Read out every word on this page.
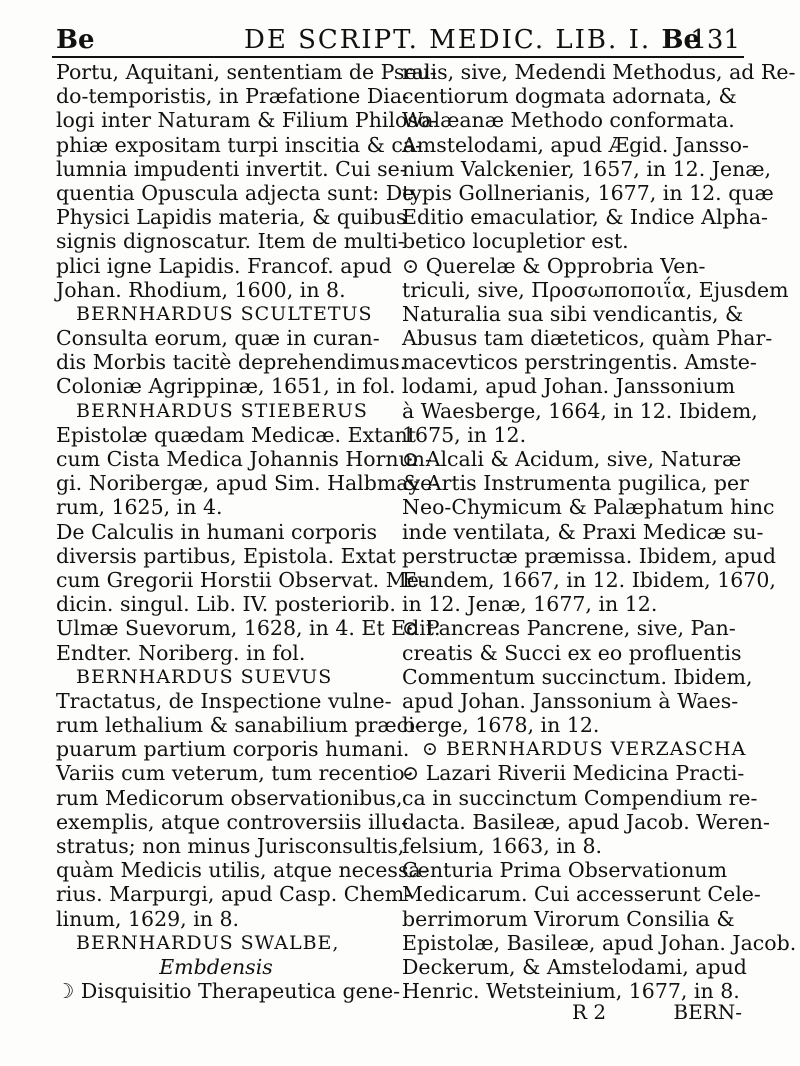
Be	DE SCRIPT. MEDIC. LIB. I. Be
131
Portu, Aquitani, sententiam de Pseu-
do-temporistis, in Præfatione Dia-
logi inter Naturam & Filium Philoso-
phiæ expositam turpi inscitia & ca-
lumnia impudenti invertit. Cui se-
quentia Opuscula adjecta sunt: De
Physici Lapidis materia, & quibus
signis dignoscatur. Item de multi-
plici igne Lapidis. Francof. apud
Johan. Rhodium, 1600, in 8.
BERNHARDUS SCULTETUS
Consulta eorum, quæ in curan-
dis Morbis tacitè deprehendimus.
Coloniæ Agrippinæ, 1651, in fol.
BERNHARDUS STIEBERUS
Epistolæ quædam Medicæ. Extant
cum Cista Medica Johannis Hornun-
gi. Noribergæ, apud Sim. Halbmaye-
rum, 1625, in 4.
De Calculis in humani corporis
diversis partibus, Epistola. Extat
cum Gregorii Horstii Observat. Me-
dicin. singul. Lib. IV. posteriorib.
Ulmæ Suevorum, 1628, in 4. Et Edit.
Endter. Noriberg. in fol.
BERNHARDUS SUEVUS
Tractatus, de Inspectione vulne-
rum lethalium & sanabilium præci-
puarum partium corporis humani.
Variis cum veterum, tum recentio-
rum Medicorum observationibus,
exemplis, atque controversiis illu-
stratus; non minus Jurisconsultis,
quàm Medicis utilis, atque necessa-
rius. Marpurgi, apud Casp. Chem-
linum, 1629, in 8.
BERNHARDUS SWALBE,
Embdensis
☽ Disquisitio Therapeutica gene-
ralis, sive, Medendi Methodus, ad Re-
centiorum dogmata adornata, &
Walæanæ Methodo conformata.
Amstelodami, apud Ægid. Jansso-
nium Valckenier, 1657, in 12. Jenæ,
typis Gollnerianis, 1677, in 12. quæ
Editio emaculatior, & Indice Alpha-
betico locupletior est.
⊙ Querelæ & Opprobria Ven-
triculi, sive, Προσωποποιΐα, Ejusdem
Naturalia sua sibi vendicantis, &
Abusus tam diæteticos, quàm Phar-
macevticos perstringentis. Amste-
lodami, apud Johan. Janssonium
à Waesberge, 1664, in 12. Ibidem,
1675, in 12.
⊙ Alcali & Acidum, sive, Naturæ
& Artis Instrumenta pugilica, per
Neo-Chymicum & Palæphatum hinc
inde ventilata, & Praxi Medicæ su-
perstructæ præmissa. Ibidem, apud
Eundem, 1667, in 12. Ibidem, 1670,
in 12. Jenæ, 1677, in 12.
⊙ Pancreas Pancrene, sive, Pan-
creatis & Succi ex eo profluentis
Commentum succinctum. Ibidem,
apud Johan. Janssonium à Waes-
berge, 1678, in 12.
⊙ BERNHARDUS VERZASCHA
⊙ Lazari Riverii Medicina Practi-
ca in succinctum Compendium re-
dacta. Basileæ, apud Jacob. Weren-
felsium, 1663, in 8.
Centuria Prima Observationum
Medicarum. Cui accesserunt Cele-
berrimorum Virorum Consilia &
Epistolæ, Basileæ, apud Johan. Jacob.
Deckerum, & Amstelodami, apud
Henric. Wetsteinium, 1677, in 8.
R 2	BERN-
